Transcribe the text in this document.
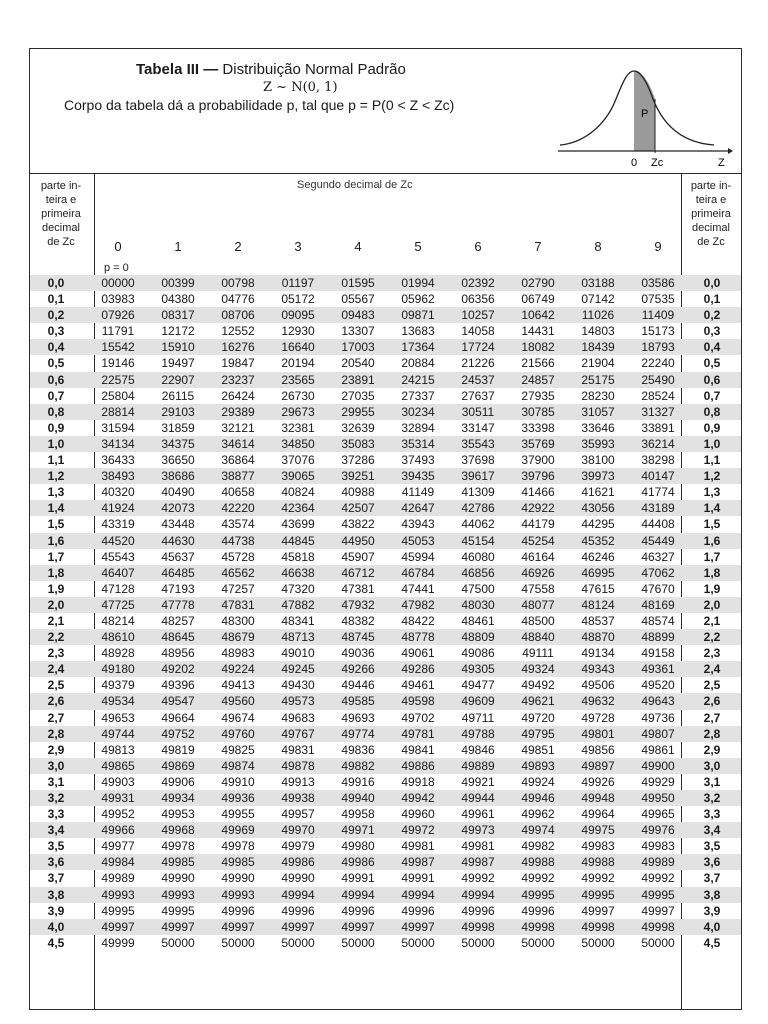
Tabela III — Distribuição Normal Padrão
Z ~ N(0, 1)
Corpo da tabela dá a probabilidade p, tal que p = P(0 < Z < Zc)
P
0 Zc	Z
parte in-
teira e
primeira
decimal
de Zc
parte in-
teira e
primeira
decimal
de Zc
Segundo decimal de Zc
0	1	2	3	4	5	6	7	8	9
p = 0
0,0	00000	00399	00798	01197	01595	01994	02392	02790	03188	03586	0,0
0,1	03983	04380	04776	05172	05567	05962	06356	06749	07142	07535	0,1
0,2	07926	08317	08706	09095	09483	09871	10257	10642	11026	11409	0,2
0,3	11791	12172	12552	12930	13307	13683	14058	14431	14803	15173	0,3
0,4	15542	15910	16276	16640	17003	17364	17724	18082	18439	18793	0,4
0,5	19146	19497	19847	20194	20540	20884	21226	21566	21904	22240	0,5
0,6	22575	22907	23237	23565	23891	24215	24537	24857	25175	25490	0,6
0,7	25804	26115	26424	26730	27035	27337	27637	27935	28230	28524	0,7
0,8	28814	29103	29389	29673	29955	30234	30511	30785	31057	31327	0,8
0,9	31594	31859	32121	32381	32639	32894	33147	33398	33646	33891	0,9
1,0	34134	34375	34614	34850	35083	35314	35543	35769	35993	36214	1,0
1,1	36433	36650	36864	37076	37286	37493	37698	37900	38100	38298	1,1
1,2	38493	38686	38877	39065	39251	39435	39617	39796	39973	40147	1,2
1,3	40320	40490	40658	40824	40988	41149	41309	41466	41621	41774	1,3
1,4	41924	42073	42220	42364	42507	42647	42786	42922	43056	43189	1,4
1,5	43319	43448	43574	43699	43822	43943	44062	44179	44295	44408	1,5
1,6	44520	44630	44738	44845	44950	45053	45154	45254	45352	45449	1,6
1,7	45543	45637	45728	45818	45907	45994	46080	46164	46246	46327	1,7
1,8	46407	46485	46562	46638	46712	46784	46856	46926	46995	47062	1,8
1,9	47128	47193	47257	47320	47381	47441	47500	47558	47615	47670	1,9
2,0	47725	47778	47831	47882	47932	47982	48030	48077	48124	48169	2,0
2,1	48214	48257	48300	48341	48382	48422	48461	48500	48537	48574	2,1
2,2	48610	48645	48679	48713	48745	48778	48809	48840	48870	48899	2,2
2,3	48928	48956	48983	49010	49036	49061	49086	49111	49134	49158	2,3
2,4	49180	49202	49224	49245	49266	49286	49305	49324	49343	49361	2,4
2,5	49379	49396	49413	49430	49446	49461	49477	49492	49506	49520	2,5
2,6	49534	49547	49560	49573	49585	49598	49609	49621	49632	49643	2,6
2,7	49653	49664	49674	49683	49693	49702	49711	49720	49728	49736	2,7
2,8	49744	49752	49760	49767	49774	49781	49788	49795	49801	49807	2,8
2,9	49813	49819	49825	49831	49836	49841	49846	49851	49856	49861	2,9
3,0	49865	49869	49874	49878	49882	49886	49889	49893	49897	49900	3,0
3,1	49903	49906	49910	49913	49916	49918	49921	49924	49926	49929	3,1
3,2	49931	49934	49936	49938	49940	49942	49944	49946	49948	49950	3,2
3,3	49952	49953	49955	49957	49958	49960	49961	49962	49964	49965	3,3
3,4	49966	49968	49969	49970	49971	49972	49973	49974	49975	49976	3,4
3,5	49977	49978	49978	49979	49980	49981	49981	49982	49983	49983	3,5
3,6	49984	49985	49985	49986	49986	49987	49987	49988	49988	49989	3,6
3,7	49989	49990	49990	49990	49991	49991	49992	49992	49992	49992	3,7
3,8	49993	49993	49993	49994	49994	49994	49994	49995	49995	49995	3,8
3,9	49995	49995	49996	49996	49996	49996	49996	49996	49997	49997	3,9
4,0	49997	49997	49997	49997	49997	49997	49998	49998	49998	49998	4,0
4,5	49999	50000	50000	50000	50000	50000	50000	50000	50000	50000	4,5
